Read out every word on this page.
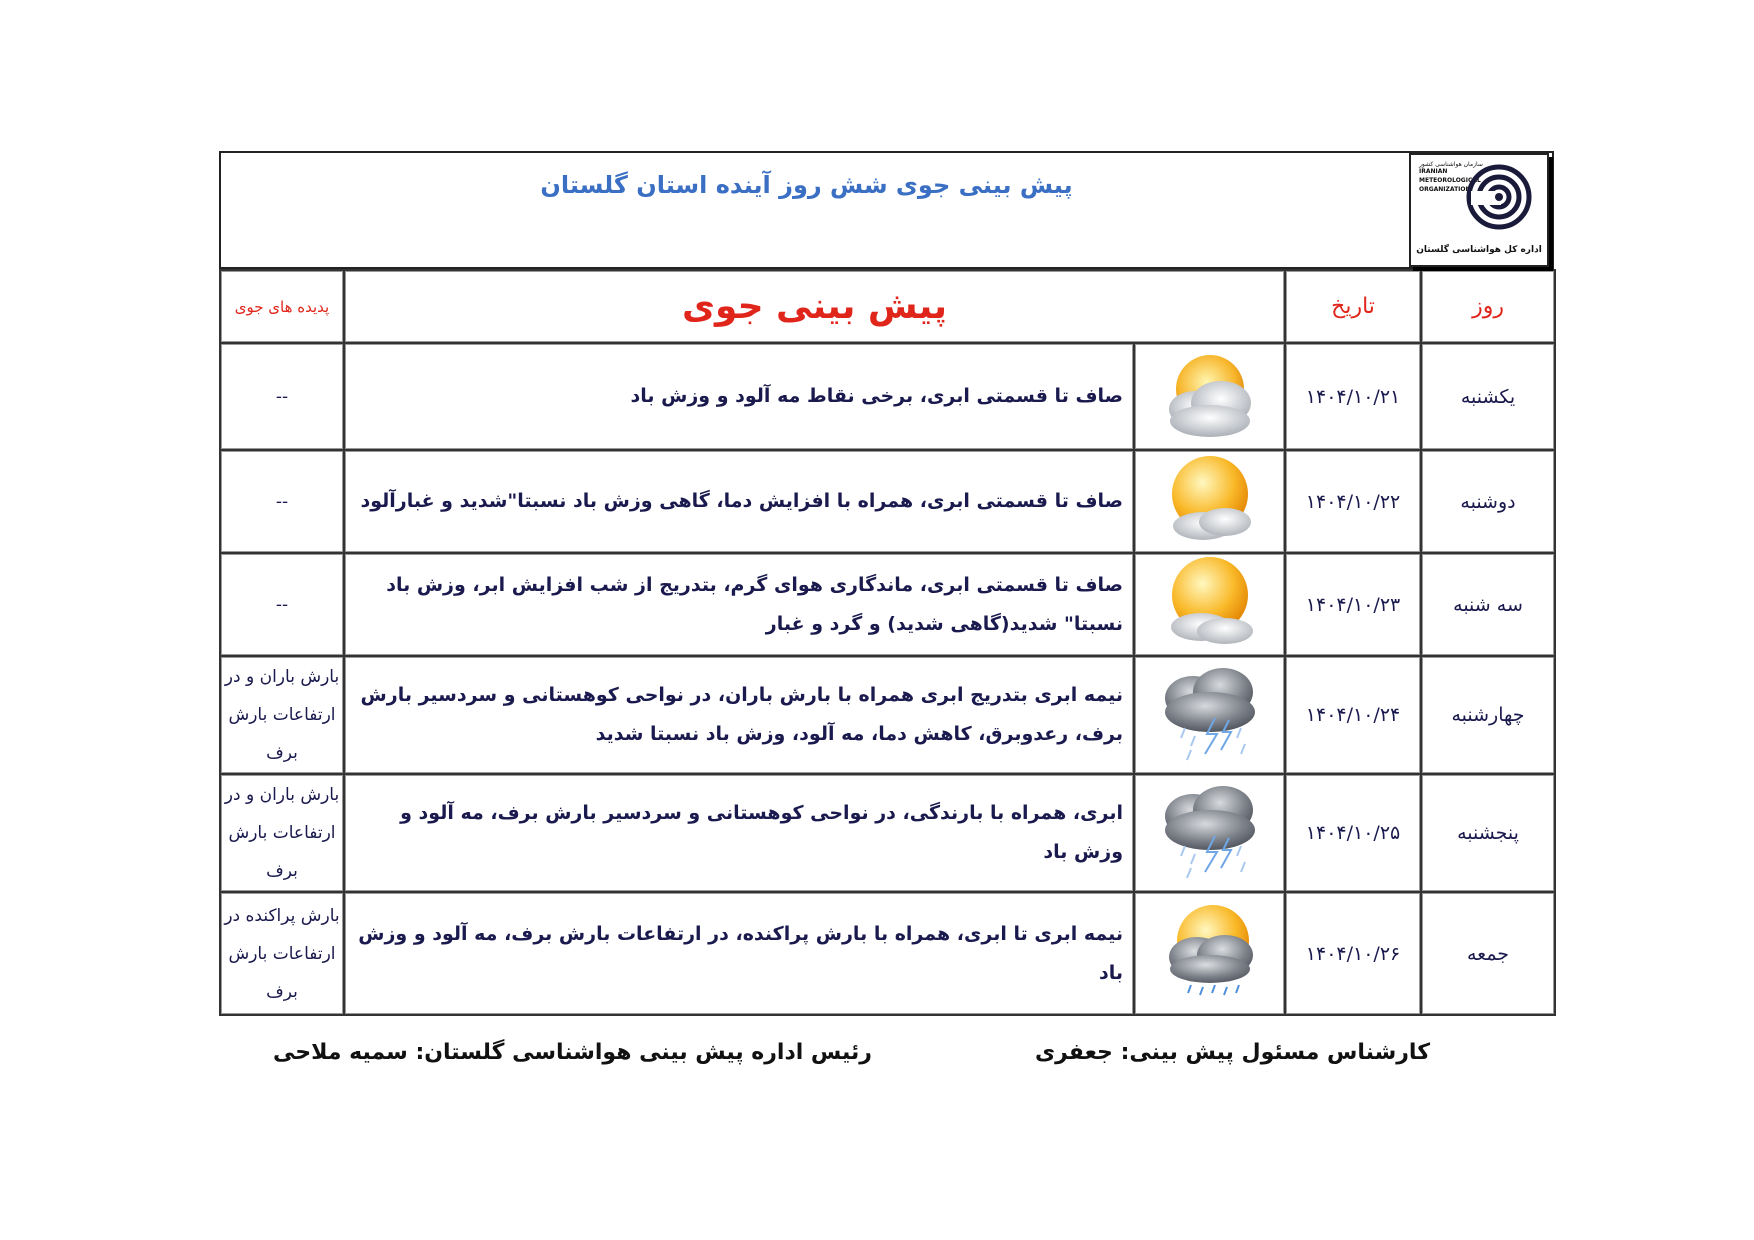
پیش بینی جوی شش روز آینده استان گلستان
سازمان هواشناسی کشور
IRANIAN METEOROLOGICAL ORGANIZATION
اداره کل هواشناسی گلستان
روز	تاریخ	پیش بینی جوی		پدیده های جوی
یکشنبه	۱۴۰۴/۱۰/۲۱		صاف تا قسمتی ابری، برخی نقاط مه آلود و وزش باد	--
دوشنبه	۱۴۰۴/۱۰/۲۲		صاف تا قسمتی ابری، همراه با افزایش دما، گاهی وزش باد نسبتا"شدید و غبارآلود	--
سه شنبه	۱۴۰۴/۱۰/۲۳		صاف تا قسمتی ابری، ماندگاری هوای گرم، بتدریج از شب افزایش ابر، وزش باد نسبتا" شدید(گاهی شدید) و گرد و غبار	--
چهارشنبه	۱۴۰۴/۱۰/۲۴		نیمه ابری بتدریج ابری همراه با بارش باران، در نواحی کوهستانی و سردسیر بارش برف، رعدوبرق، کاهش دما، مه آلود، وزش باد نسبتا شدید	بارش باران و در ارتفاعات بارش برف
پنجشنبه	۱۴۰۴/۱۰/۲۵		ابری، همراه با بارندگی، در نواحی کوهستانی و سردسیر بارش برف، مه آلود و وزش باد	بارش باران و در ارتفاعات بارش برف
جمعه	۱۴۰۴/۱۰/۲۶		نیمه ابری تا ابری، همراه با بارش پراکنده، در ارتفاعات بارش برف، مه آلود و وزش باد	بارش پراکنده در ارتفاعات بارش برف
کارشناس مسئول پیش بینی: جعفری
رئیس اداره پیش بینی هواشناسی گلستان: سمیه ملاحی
